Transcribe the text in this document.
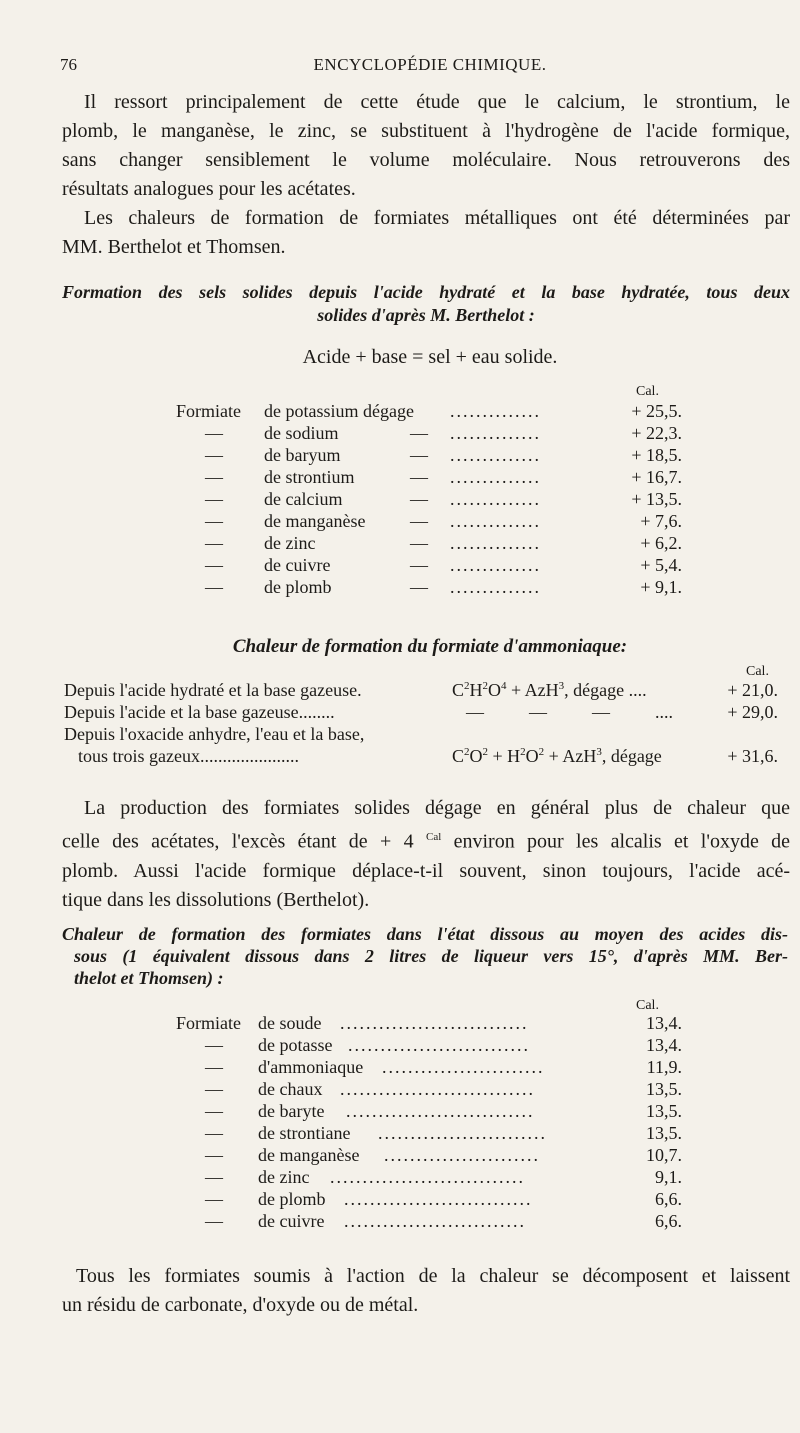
76	ENCYCLOPÉDIE CHIMIQUE.
Il ressort principalement de cette étude que le calcium, le strontium, le
plomb, le manganèse, le zinc, se substituent à l'hydrogène de l'acide formique,
sans changer sensiblement le volume moléculaire. Nous retrouverons des
résultats analogues pour les acétates.
Les chaleurs de formation de formiates métalliques ont été déterminées par
MM. Berthelot et Thomsen.
Formation des sels solides depuis l'acide hydraté et la base hydratée, tous deux
solides d'après M. Berthelot :
Acide + base = sel + eau solide.
Cal.
Formiate de potassium dégage ..............	+ 25,5.
— de sodium	— ..............	+ 22,3.
— de baryum	— ..............	+ 18,5.
— de strontium	— ..............	+ 16,7.
— de calcium	— ..............	+ 13,5.
— de manganèse — ..............	+ 7,6.
— de zinc	— ..............	+ 6,2.
— de cuivre	— ..............	+ 5,4.
— de plomb	— ..............	+ 9,1.
Chaleur de formation du formiate d'ammoniaque:
Cal.
Depuis l'acide hydraté et la base gazeuse.	$C^2H^2O^4 + AzH^3$, dégage ....	+ 21,0.
Depuis l'acide et la base gazeuse........	—          —          —          ....	+ 29,0.
Depuis l'oxacide anhydre, l'eau et la base,
tous trois gazeux......................	$C^2O^2 + H^2O^2 + AzH^3$, dégage	+ 31,6.
La production des formiates solides dégage en général plus de chaleur que
celle des acétates, l'excès étant de + 4 $^{Cal}$ environ pour les alcalis et l'oxyde de
plomb. Aussi l'acide formique déplace-t-il souvent, sinon toujours, l'acide acé-
tique dans les dissolutions (Berthelot).
Chaleur de formation des formiates dans l'état dissous au moyen des acides dis-
sous (1 équivalent dissous dans 2 litres de liqueur vers 15°, d'après MM. Ber-
thelot et Thomsen) :
Cal.
Formiate de soude .............................	13,4.
— de potasse ............................	13,4.
— d'ammoniaque .........................	11,9.
— de chaux ..............................	13,5.
— de baryte .............................	13,5.
— de strontiane ..........................	13,5.
— de manganèse ........................	10,7.
— de zinc ..............................	9,1.
— de plomb .............................	6,6.
— de cuivre ............................	6,6.
Tous les formiates soumis à l'action de la chaleur se décomposent et laissent
un résidu de carbonate, d'oxyde ou de métal.
